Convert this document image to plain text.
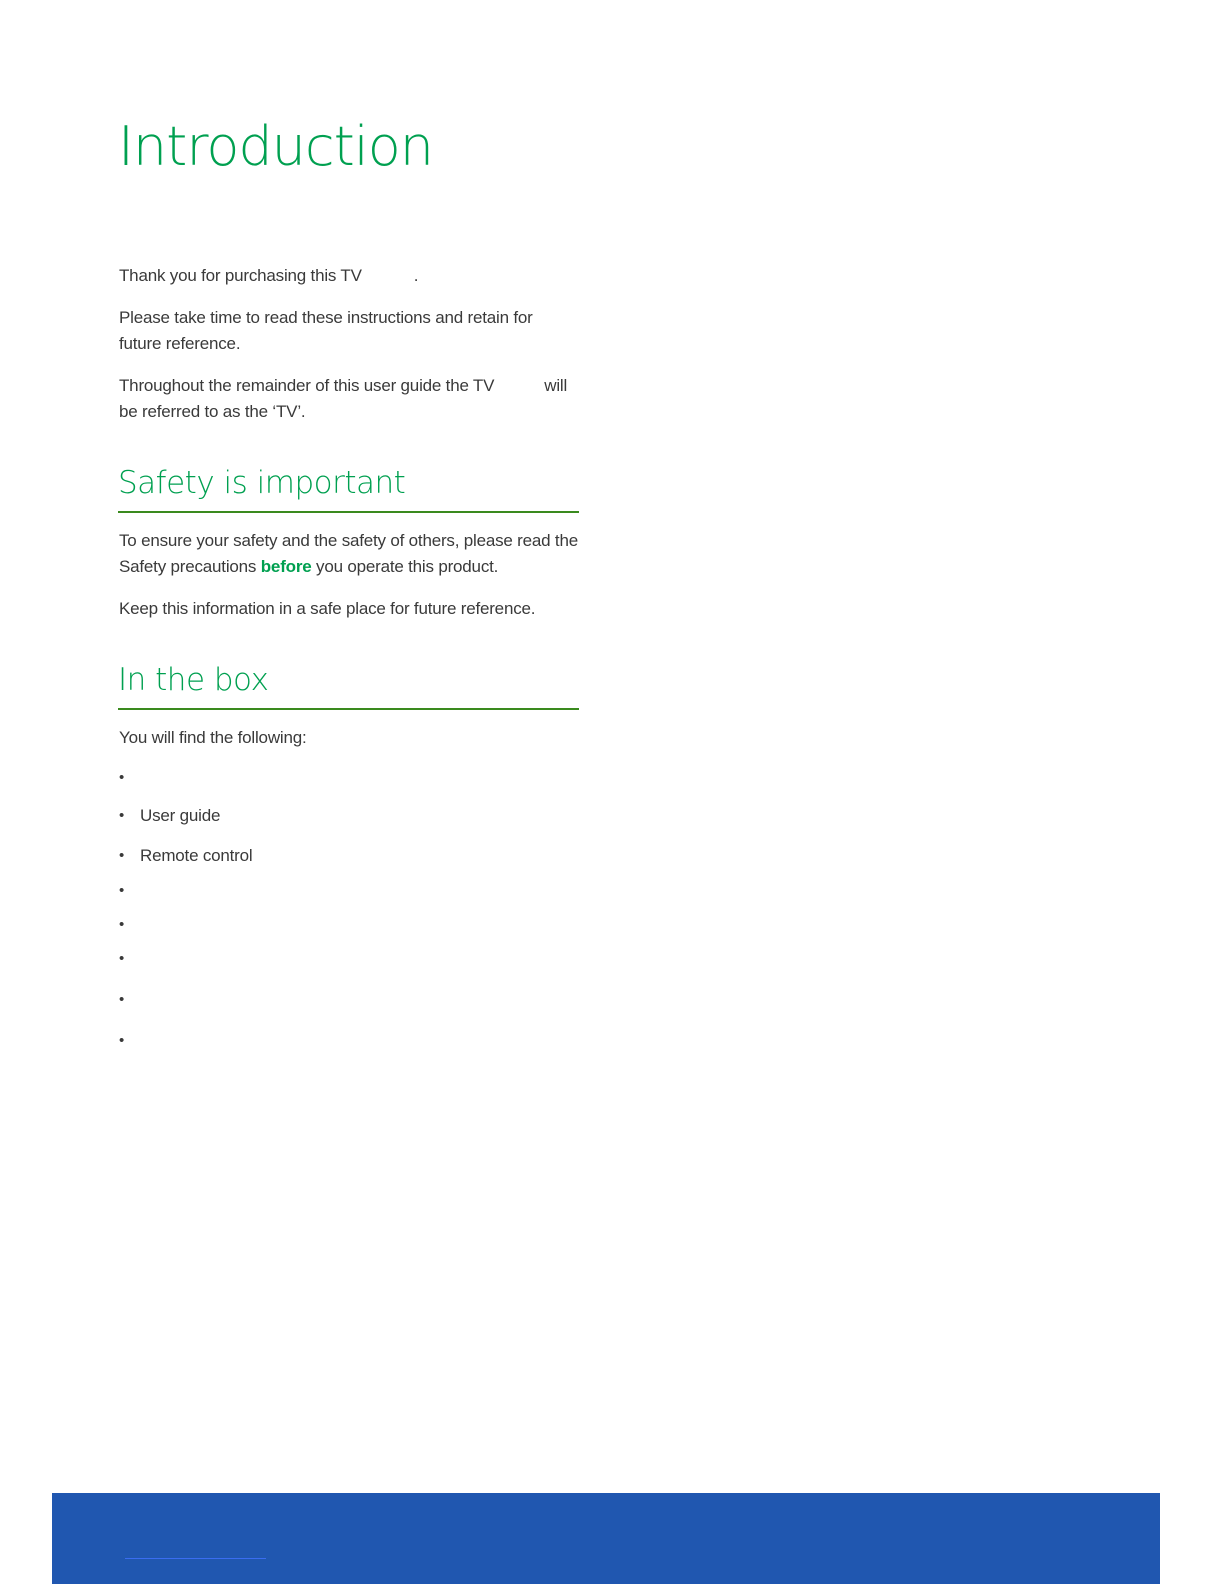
Introduction

Thank you for purchasing this TV	.

Please take time to read these instructions and retain for future reference.

Throughout the remainder of this user guide the TV	will be referred to as the ‘TV’.

Safety is important

To ensure your safety and the safety of others, please read the Safety precautions before you operate this product.

Keep this information in a safe place for future reference.

In the box

You will find the following:

•
• User guide
• Remote control
•
•
•
•
•
